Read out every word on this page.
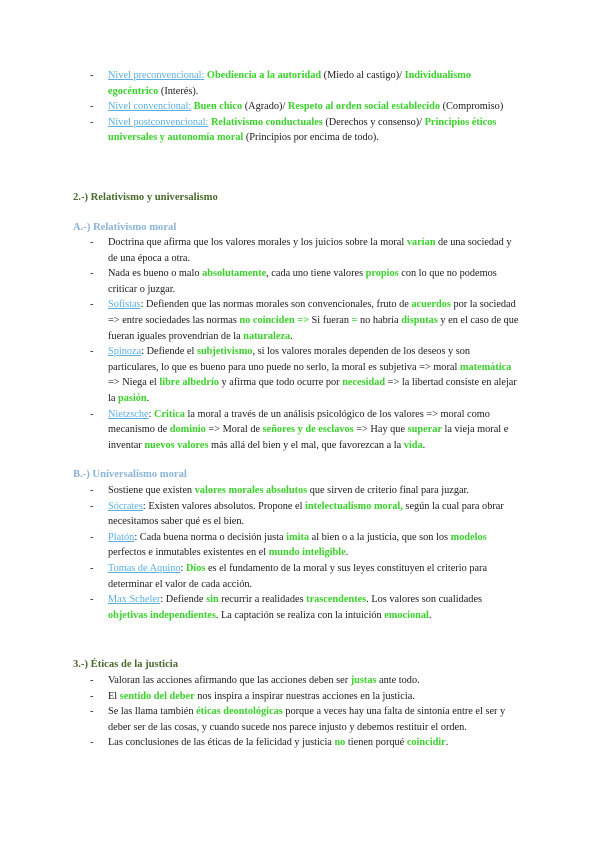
- Nivel preconvencional: Obediencia a la autoridad (Miedo al castigo)/ Individualismo egocéntrico (Interés).
- Nivel convencional: Buen chico (Agrado)/ Respeto al orden social establecido (Compromiso)
- Nivel postconvencional: Relativismo conductuales (Derechos y consenso)/ Principios éticos universales y autonomía moral (Principios por encima de todo).
2.-) Relativismo y universalismo
A.-) Relativismo moral
- Doctrina que afirma que los valores morales y los juicios sobre la moral varían de una sociedad y de una época a otra.
- Nada es bueno o malo absolutamente, cada uno tiene valores propios con lo que no podemos criticar o juzgar.
- Sofistas: Defienden que las normas morales son convencionales, fruto de acuerdos por la sociedad => entre sociedades las normas no coinciden => Si fueran = no habría disputas y en el caso de que fueran iguales provendrían de la naturaleza.
- Spinoza: Defiende el subjetivismo, si los valores morales dependen de los deseos y son particulares, lo que es bueno para uno puede no serlo, la moral es subjetiva => moral matemática => Niega el libre albedrío y afirma que todo ocurre por necesidad => la libertad consiste en alejar la pasión.
- Nietzsche: Critica la moral a través de un análisis psicológico de los valores => moral como mecanismo de dominio => Moral de señores y de esclavos => Hay que superar la vieja moral e inventar nuevos valores más allá del bien y el mal, que favorezcan a la vida.
B.-) Universalismo moral
- Sostiene que existen valores morales absolutos que sirven de criterio final para juzgar.
- Sócrates: Existen valores absolutos. Propone el intelectualismo moral, según la cual para obrar necesitamos saber qué es el bien.
- Platón: Cada buena norma o decisión justa imita al bien o a la justicia, que son los modelos perfectos e inmutables existentes en el mundo inteligible.
- Tomas de Aquino: Dios es el fundamento de la moral y sus leyes constituyen el criterio para determinar el valor de cada acción.
- Max Scheler: Defiende sin recurrir a realidades trascendentes. Los valores son cualidades objetivas independientes. La captación se realiza con la intuición emocional.
3.-) Éticas de la justicia
- Valoran las acciones afirmando que las acciones deben ser justas ante todo.
- El sentido del deber nos inspira a inspirar nuestras acciones en la justicia.
- Se las llama también éticas deontológicas porque a veces hay una falta de sintonía entre el ser y deber ser de las cosas, y cuando sucede nos parece injusto y debemos restituir el orden.
- Las conclusiones de las éticas de la felicidad y justicia no tienen porqué coincidir.
